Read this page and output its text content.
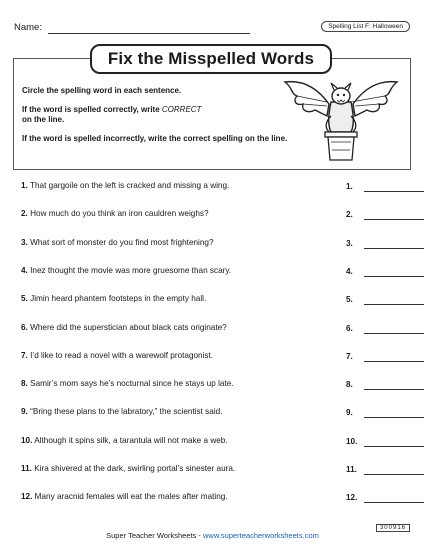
Name:	Spelling List F: Halloween
Fix the Misspelled Words

Circle the spelling word in each sentence.

If the word is spelled correctly, write CORRECT
on the line.

If the word is spelled incorrectly, write the correct spelling on the line.

1. That gargoile on the left is cracked and missing a wing.	1.
2. How much do you think an iron cauldren weighs?	2.
3. What sort of monster do you find most frightening?	3.
4. Inez thought the movie was more gruesome than scary.	4.
5. Jimin heard phantem footsteps in the empty hall.	5.
6. Where did the superstician about black cats originate?	6.
7. I’d like to read a novel with a warewolf protagonist.	7.
8. Samir’s mom says he’s nocturnal since he stays up late.	8.
9. “Bring these plans to the labratory,” the scientist said.	9.
10. Although it spins silk, a tarantula will not make a web.	10.
11. Kira shivered at the dark, swirling portal’s sinester aura.	11.
12. Many aracnid females will eat the males after mating.	12.
Super Teacher Worksheets - www.superteacherworksheets.com
300916
